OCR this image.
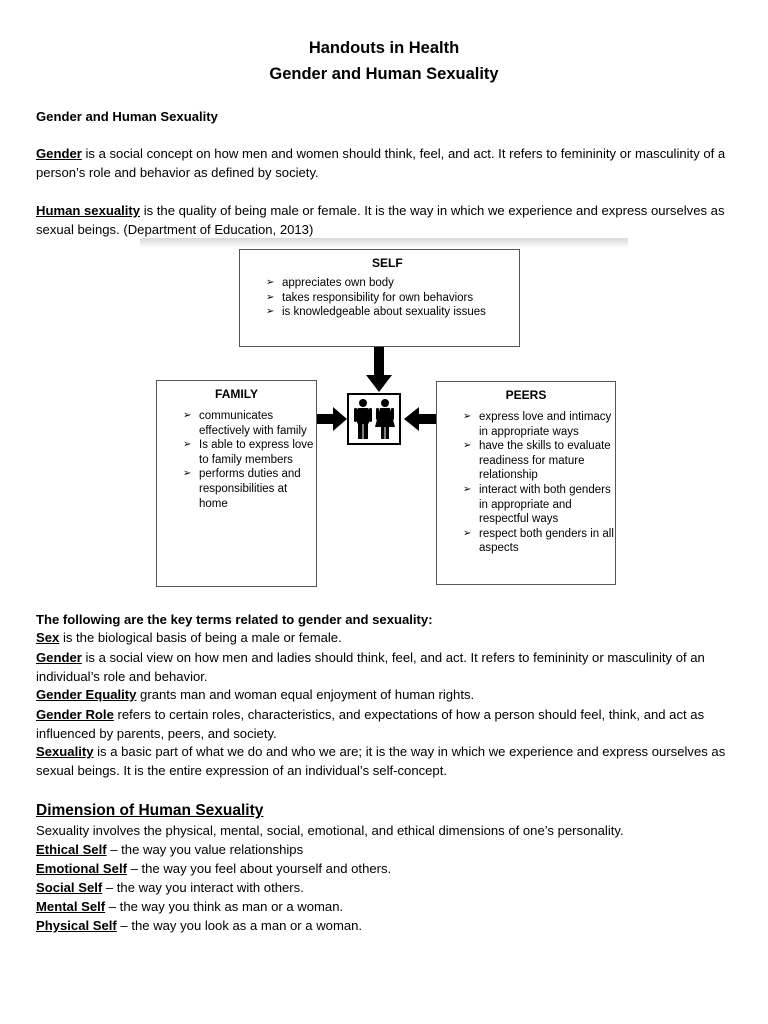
Handouts in Health
Gender and Human Sexuality
Gender and Human Sexuality
Gender is a social concept on how men and women should think, feel, and act. It refers to femininity or masculinity of a person’s role and behavior as defined by society.
Human sexuality is the quality of being male or female. It is the way in which we experience and express ourselves as sexual beings. (Department of Education, 2013)
SELF
➢ appreciates own body
➢ takes responsibility for own behaviors
➢ is knowledgeable about sexuality issues
FAMILY
➢ communicates effectively with family
➢ Is able to express love to family members
➢ performs duties and responsibilities at home
PEERS
➢ express love and intimacy in appropriate ways
➢ have the skills to evaluate readiness for mature relationship
➢ interact with both genders in appropriate and respectful ways
➢ respect both genders in all aspects
The following are the key terms related to gender and sexuality:
Sex is the biological basis of being a male or female.
Gender is a social view on how men and ladies should think, feel, and act. It refers to femininity or masculinity of an individual’s role and behavior.
Gender Equality grants man and woman equal enjoyment of human rights.
Gender Role refers to certain roles, characteristics, and expectations of how a person should feel, think, and act as influenced by parents, peers, and society.
Sexuality is a basic part of what we do and who we are; it is the way in which we experience and express ourselves as sexual beings. It is the entire expression of an individual’s self-concept.
Dimension of Human Sexuality
Sexuality involves the physical, mental, social, emotional, and ethical dimensions of one’s personality.
Ethical Self – the way you value relationships
Emotional Self – the way you feel about yourself and others.
Social Self – the way you interact with others.
Mental Self – the way you think as man or a woman.
Physical Self – the way you look as a man or a woman.
